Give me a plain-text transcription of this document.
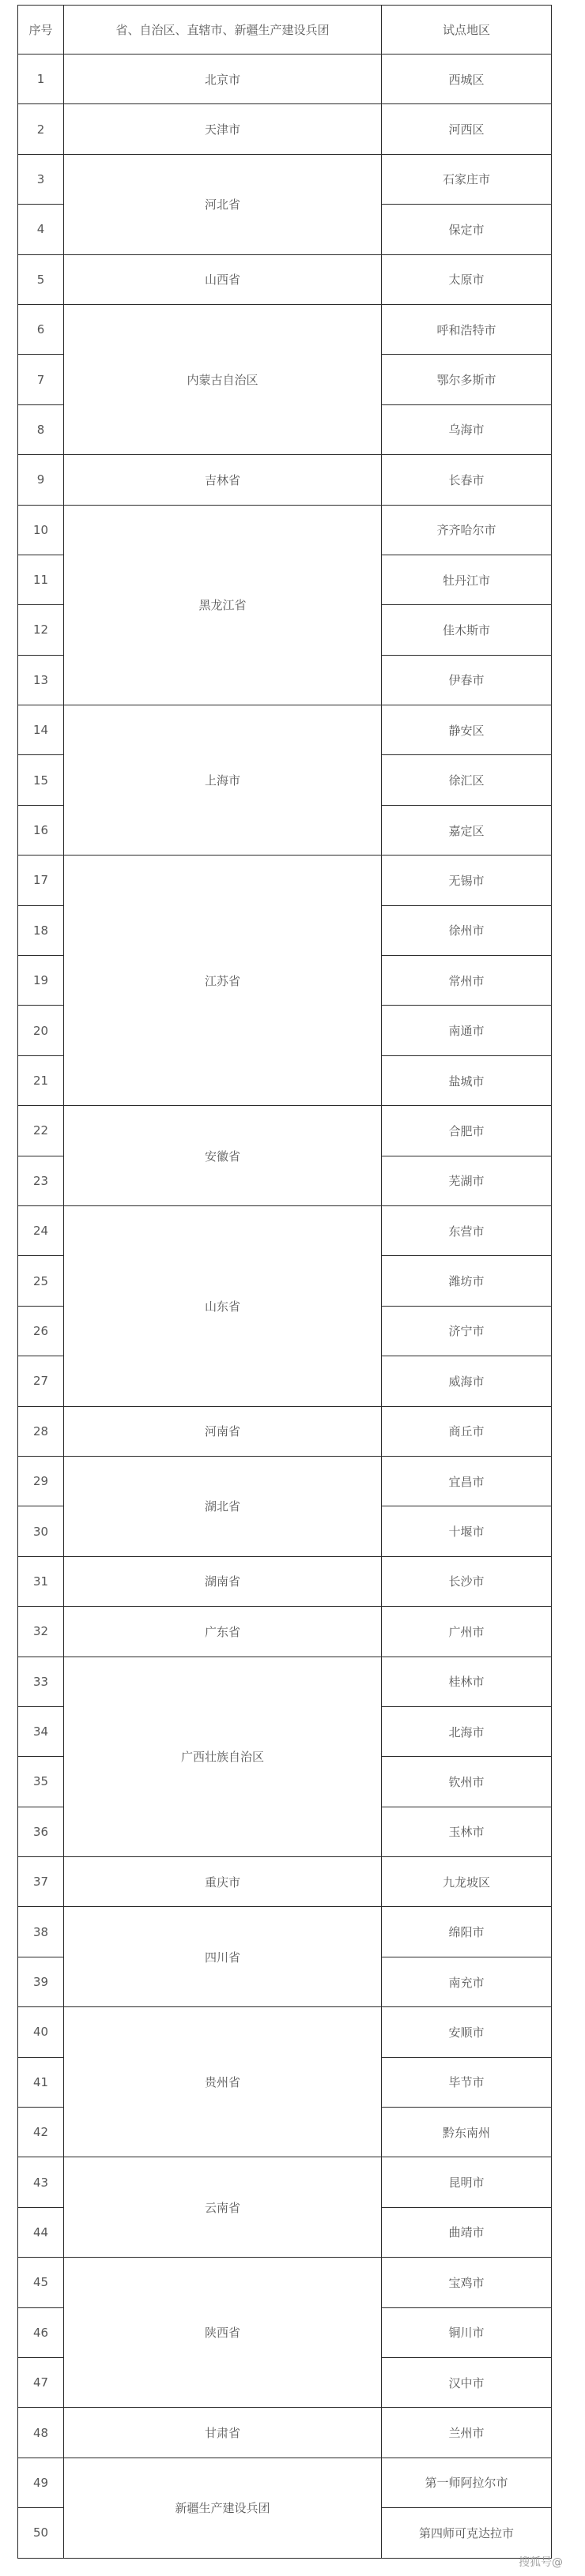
序号	省、自治区、直辖市、新疆生产建设兵团	试点地区
1	北京市	西城区
2	天津市	河西区
3	河北省	石家庄市
4		保定市
5	山西省	太原市
6	内蒙古自治区	呼和浩特市
7		鄂尔多斯市
8		乌海市
9	吉林省	长春市
10	黑龙江省	齐齐哈尔市
11		牡丹江市
12		佳木斯市
13		伊春市
14	上海市	静安区
15		徐汇区
16		嘉定区
17	江苏省	无锡市
18		徐州市
19		常州市
20		南通市
21		盐城市
22	安徽省	合肥市
23		芜湖市
24	山东省	东营市
25		潍坊市
26		济宁市
27		威海市
28	河南省	商丘市
29	湖北省	宜昌市
30		十堰市
31	湖南省	长沙市
32	广东省	广州市
33	广西壮族自治区	桂林市
34		北海市
35		钦州市
36		玉林市
37	重庆市	九龙坡区
38	四川省	绵阳市
39		南充市
40	贵州省	安顺市
41		毕节市
42		黔东南州
43	云南省	昆明市
44		曲靖市
45	陕西省	宝鸡市
46		铜川市
47		汉中市
48	甘肃省	兰州市
49	新疆生产建设兵团	第一师阿拉尔市
50		第四师可克达拉市
搜狐号@
